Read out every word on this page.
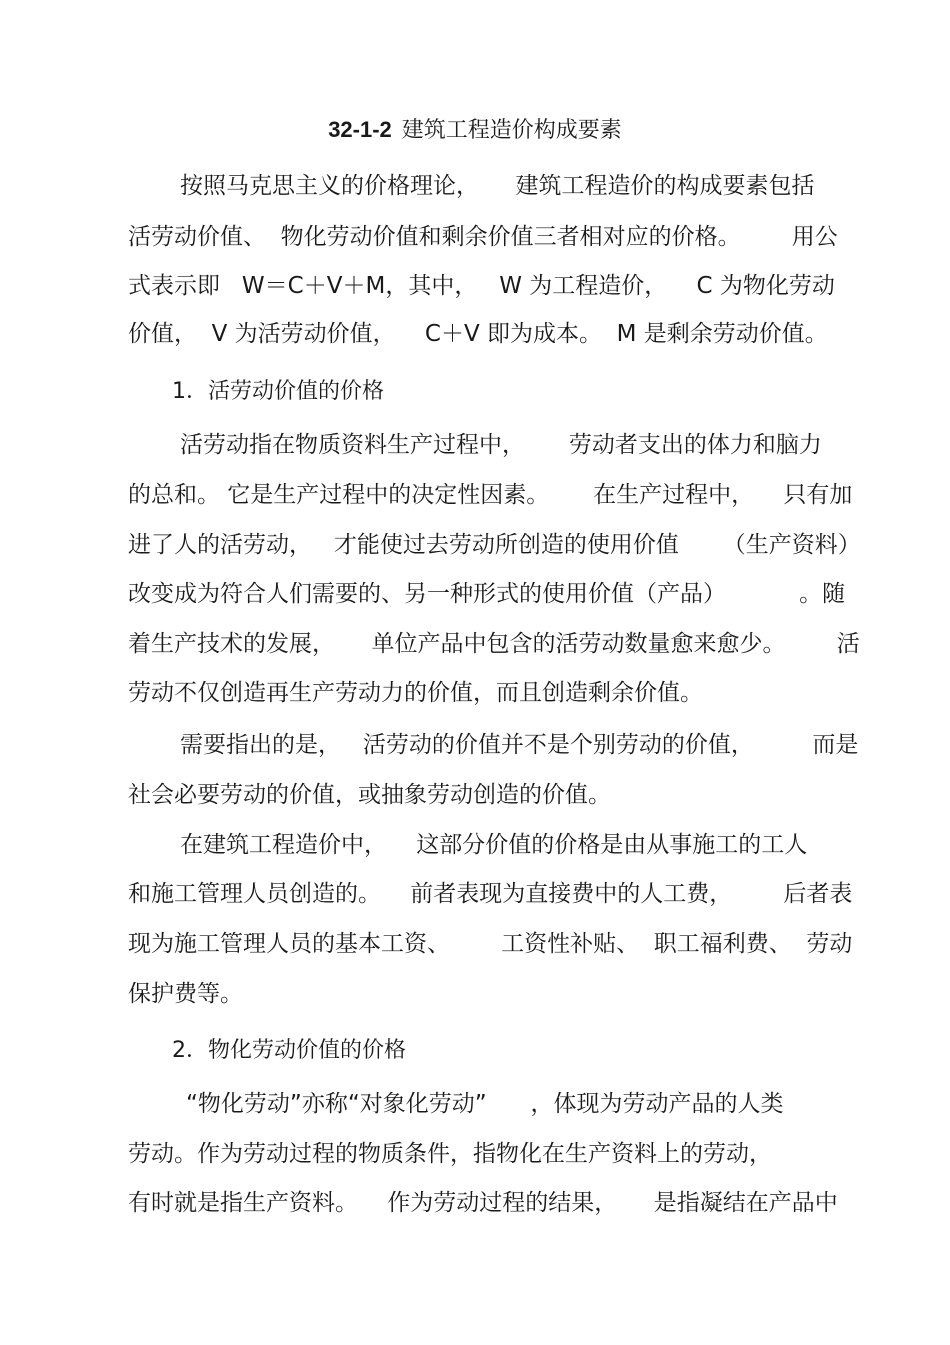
32-1-2 建筑工程造价构成要素
按照马克思主义的价格理论，     建筑工程造价的构成要素包括
活劳动价值、  物化劳动价值和剩余价值三者相对应的价格。       用公
式表示即   W＝C＋V＋M，其中，   W 为工程造价，    C 为物化劳动
价值，  V 为活劳动价值，    C＋V 即为成本。  M 是剩余劳动价值。
1．活劳动价值的价格
活劳动指在物质资料生产过程中，      劳动者支出的体力和脑力
的总和。 它是生产过程中的决定性因素。      在生产过程中，    只有加
进了人的活劳动，   才能使过去劳动所创造的使用价值      （生产资料）
改变成为符合人们需要的、另一种形式的使用价值（产品）          。随
着生产技术的发展，     单位产品中包含的活劳动数量愈来愈少。       活
劳动不仅创造再生产劳动力的价值，而且创造剩余价值。
需要指出的是，   活劳动的价值并不是个别劳动的价值，        而是
社会必要劳动的价值，或抽象劳动创造的价值。
在建筑工程造价中，    这部分价值的价格是由从事施工的工人
和施工管理人员创造的。    前者表现为直接费中的人工费，       后者表
现为施工管理人员的基本工资、       工资性补贴、  职工福利费、  劳动
保护费等。
2．物化劳动价值的价格
“物化劳动”亦称“对象化劳动”      ，体现为劳动产品的人类
劳动。作为劳动过程的物质条件，指物化在生产资料上的劳动，
有时就是指生产资料。    作为劳动过程的结果，     是指凝结在产品中
